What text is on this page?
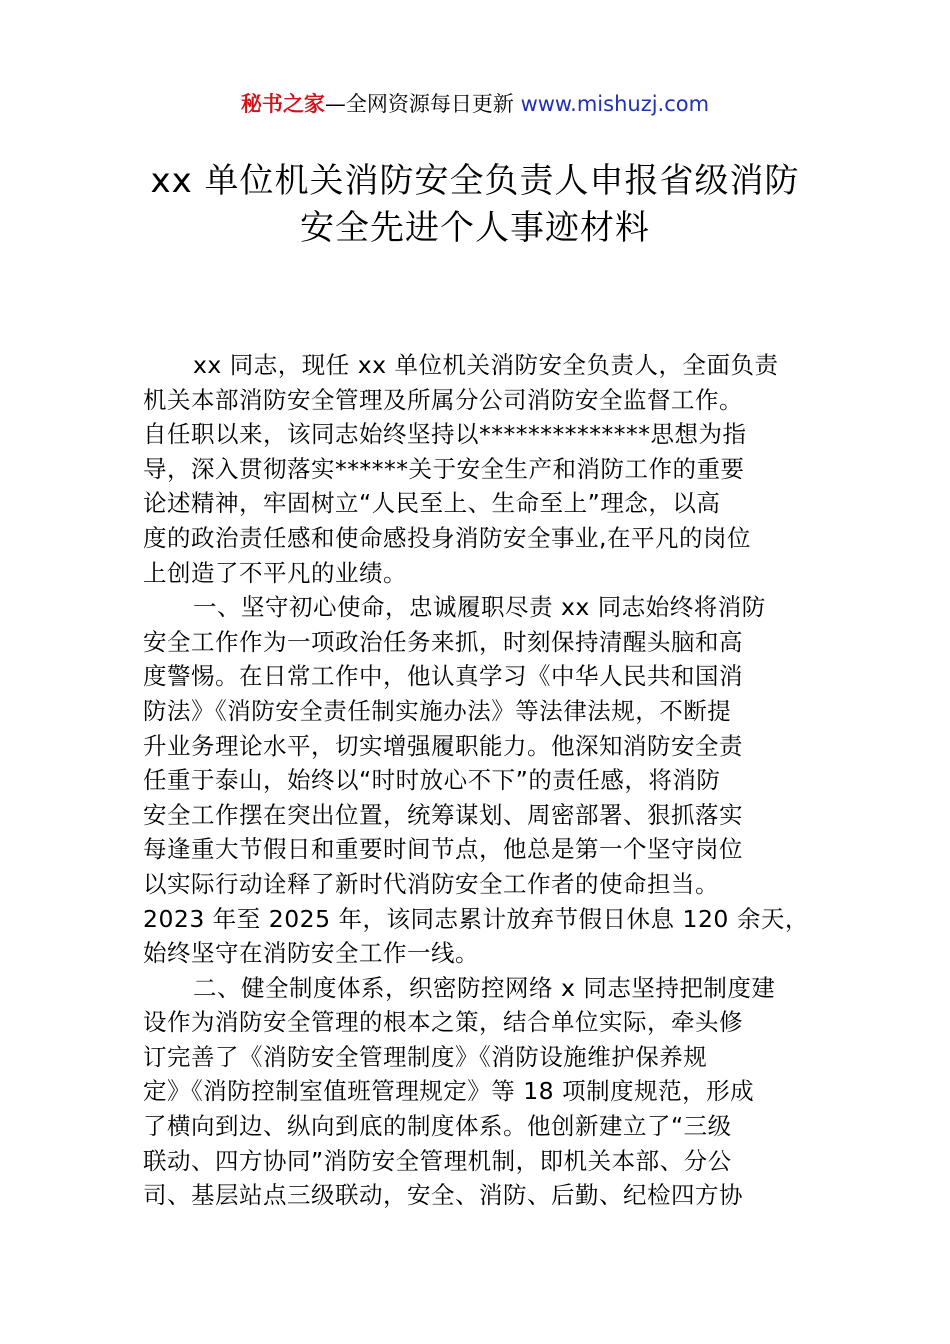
秘书之家—全网资源每日更新 www.mishuzj.com
xx 单位机关消防安全负责人申报省级消防
安全先进个人事迹材料
xx 同志，现任 xx 单位机关消防安全负责人，全面负责
机关本部消防安全管理及所属分公司消防安全监督工作。
自任职以来，该同志始终坚持以**************思想为指
导，深入贯彻落实******关于安全生产和消防工作的重要
论述精神，牢固树立“人民至上、生命至上”理念，以高
度的政治责任感和使命感投身消防安全事业,在平凡的岗位
上创造了不平凡的业绩。
一、坚守初心使命，忠诚履职尽责 xx 同志始终将消防
安全工作作为一项政治任务来抓，时刻保持清醒头脑和高
度警惕。在日常工作中，他认真学习《中华人民共和国消
防法》《消防安全责任制实施办法》等法律法规，不断提
升业务理论水平，切实增强履职能力。他深知消防安全责
任重于泰山，始终以“时时放心不下”的责任感，将消防
安全工作摆在突出位置，统筹谋划、周密部署、狠抓落实
每逢重大节假日和重要时间节点，他总是第一个坚守岗位
以实际行动诠释了新时代消防安全工作者的使命担当。
2023 年至 2025 年，该同志累计放弃节假日休息 120 余天，
始终坚守在消防安全工作一线。
二、健全制度体系，织密防控网络 x 同志坚持把制度建
设作为消防安全管理的根本之策，结合单位实际，牵头修
订完善了《消防安全管理制度》《消防设施维护保养规
定》《消防控制室值班管理规定》等 18 项制度规范，形成
了横向到边、纵向到底的制度体系。他创新建立了“三级
联动、四方协同”消防安全管理机制，即机关本部、分公
司、基层站点三级联动，安全、消防、后勤、纪检四方协
